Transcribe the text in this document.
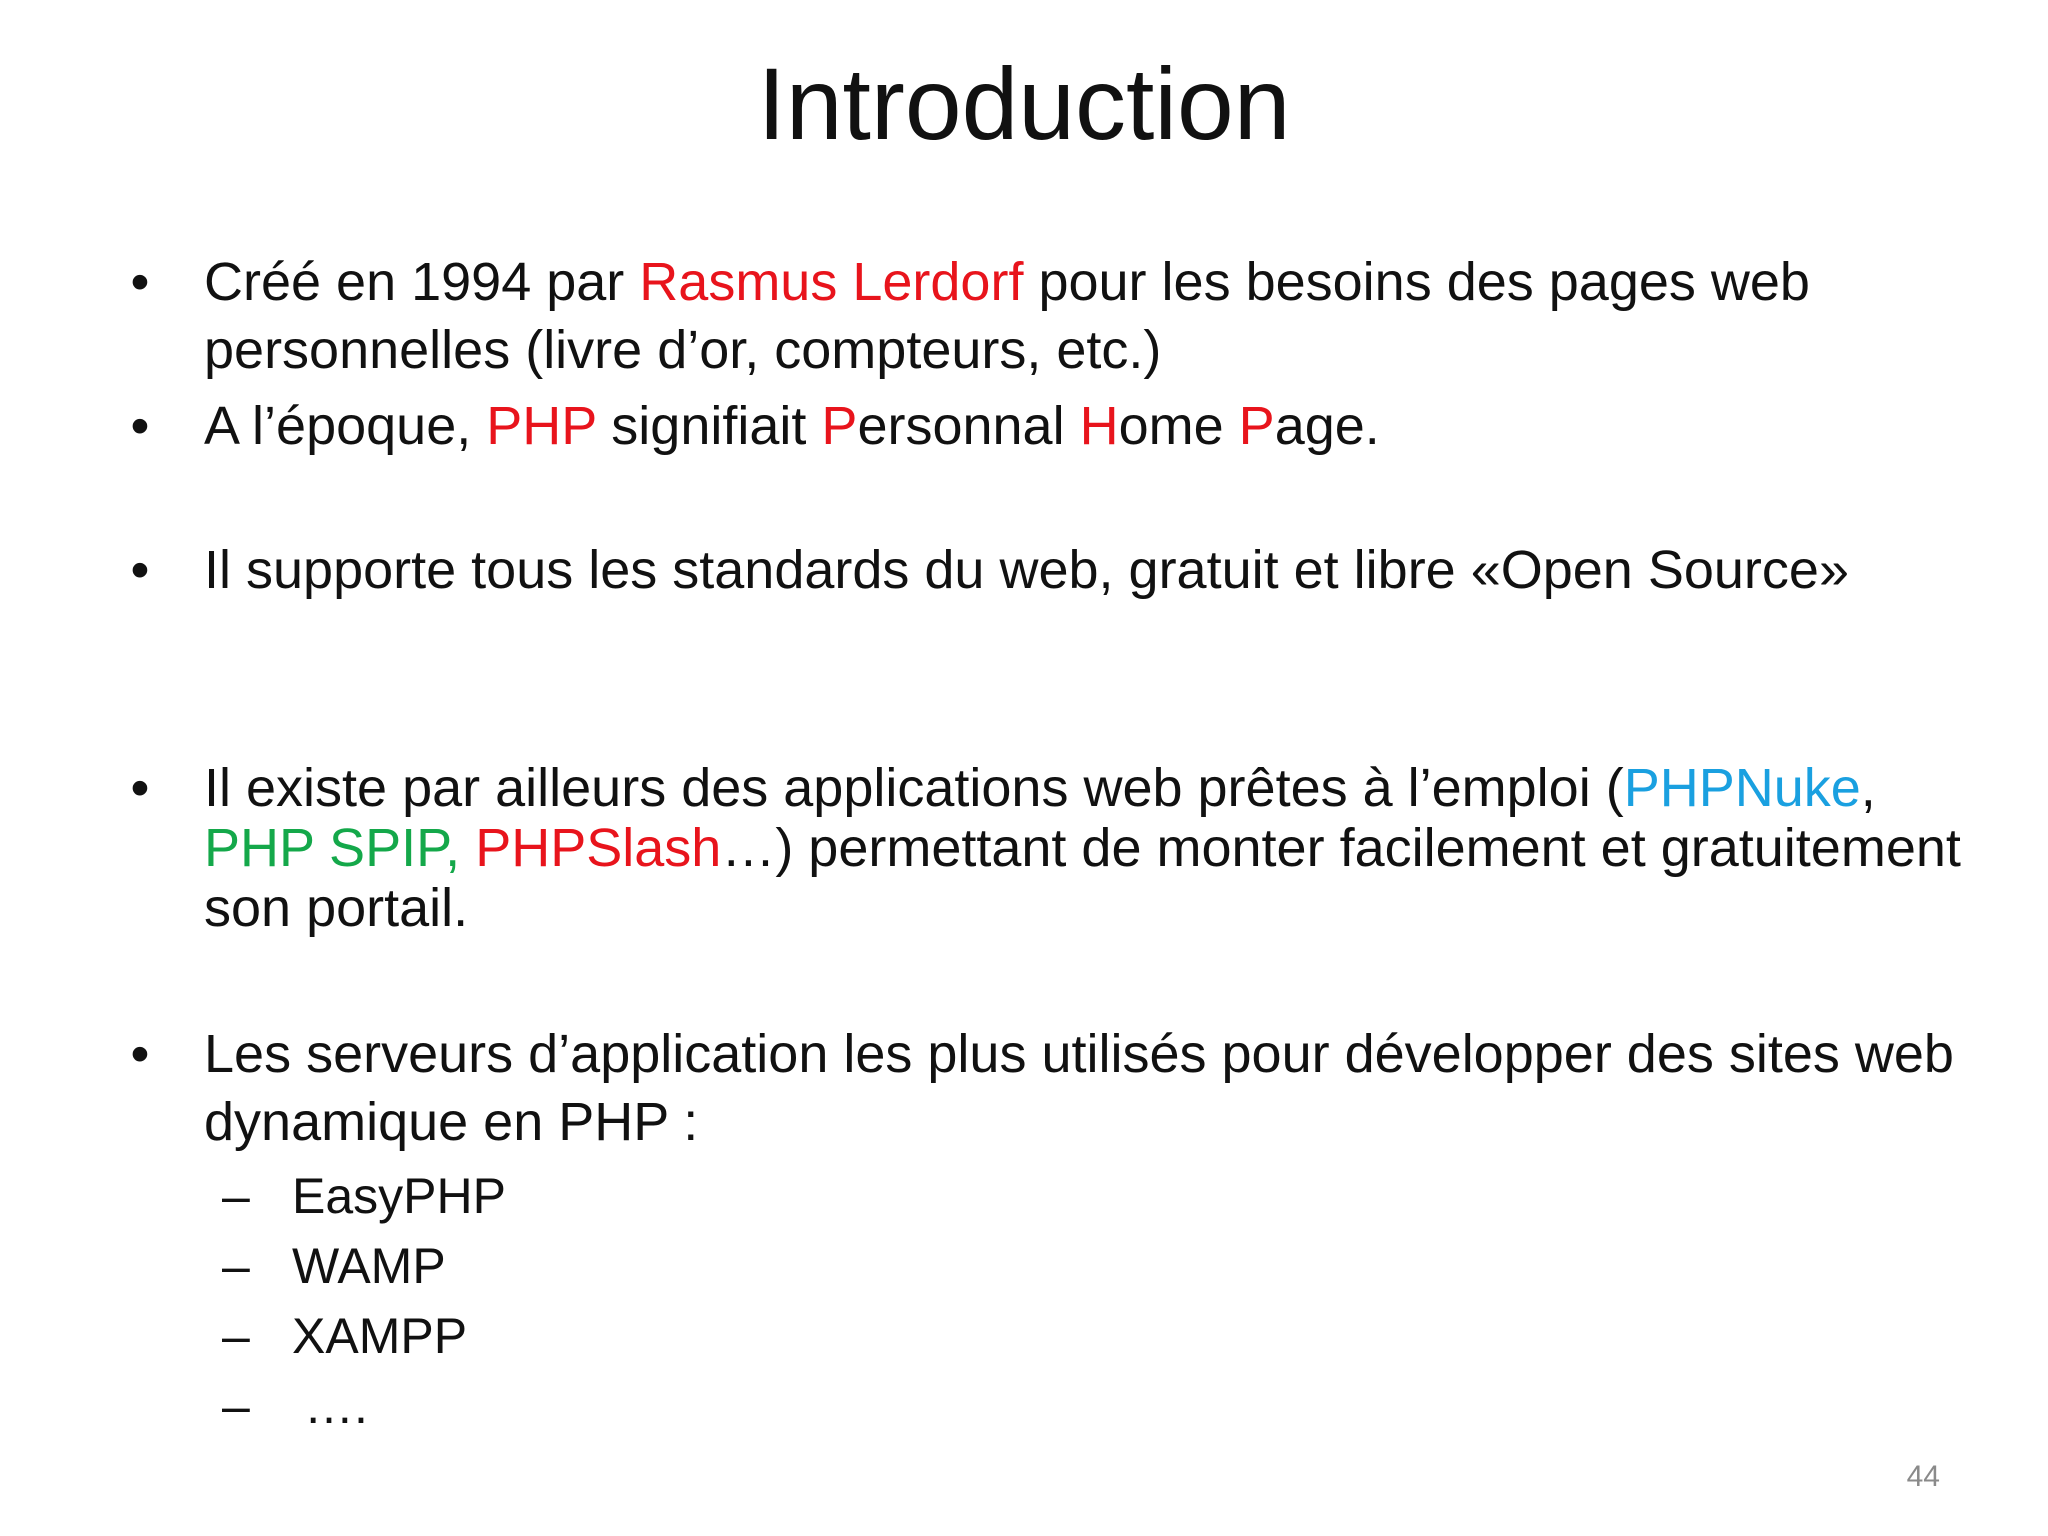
Introduction
• Créé en 1994 par Rasmus Lerdorf pour les besoins des pages web personnelles (livre d’or, compteurs, etc.)
• A l’époque, PHP signifiait Personnal Home Page.
• Il supporte tous les standards du web, gratuit et libre «Open Source»
• Il existe par ailleurs des applications web prêtes à l’emploi (PHPNuke, PHP SPIP, PHPSlash…) permettant de monter facilement et gratuitement son portail.
• Les serveurs d’application les plus utilisés pour développer des sites web dynamique en PHP :
– EasyPHP
– WAMP
– XAMPP
–	….
44
